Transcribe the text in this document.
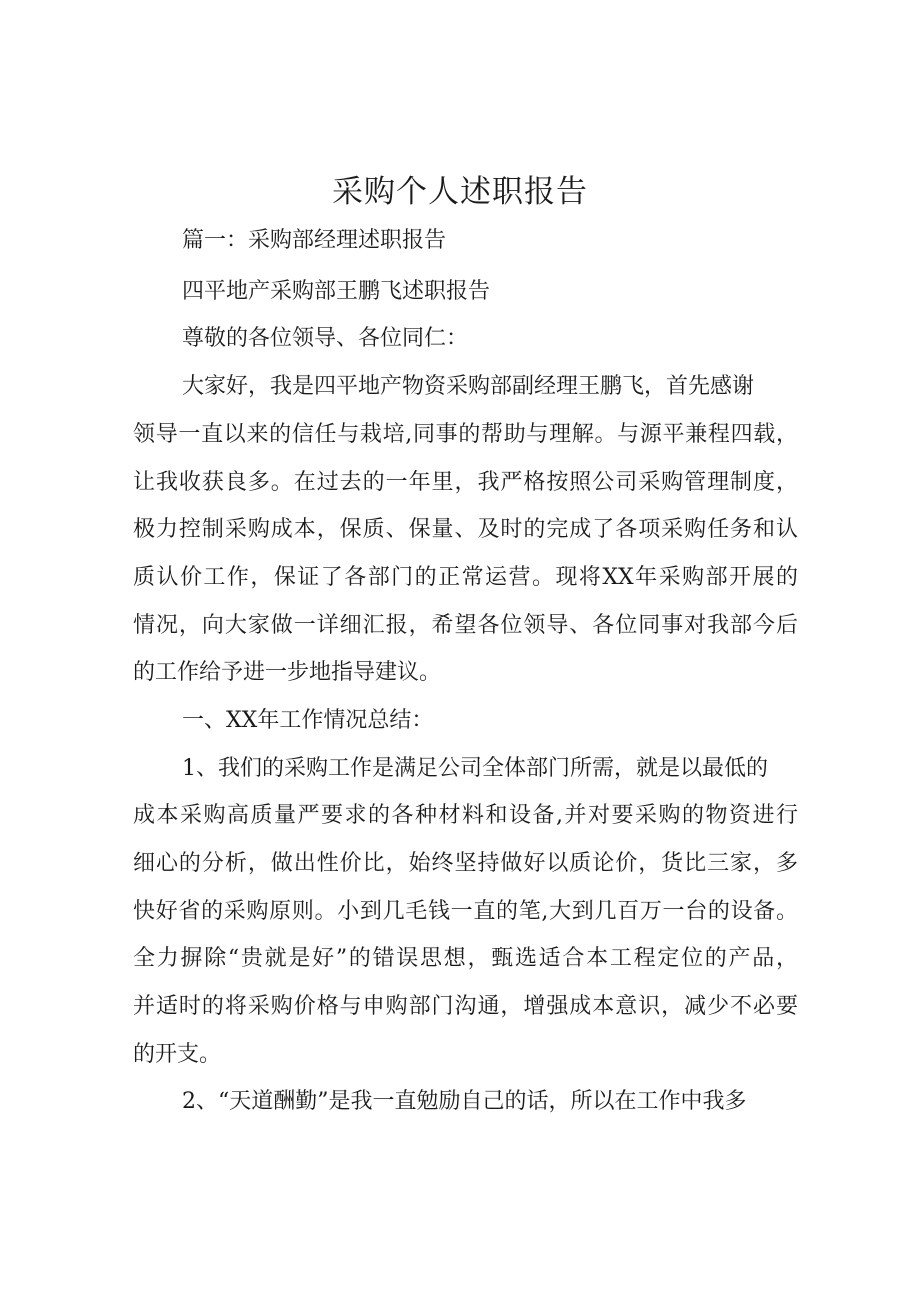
采购个人述职报告

篇一：采购部经理述职报告

四平地产采购部王鹏飞述职报告

尊敬的各位领导、各位同仁：

大家好，我是四平地产物资采购部副经理王鹏飞，首先感谢

领导一直以来的信任与栽培,同事的帮助与理解。与源平兼程四载，

让我收获良多。在过去的一年里，我严格按照公司采购管理制度，

极力控制采购成本，保质、保量、及时的完成了各项采购任务和认

质认价工作，保证了各部门的正常运营。现将XX年采购部开展的

情况，向大家做一详细汇报，希望各位领导、各位同事对我部今后

的工作给予进一步地指导建议。

一、XX年工作情况总结：

1、我们的采购工作是满足公司全体部门所需，就是以最低的

成本采购高质量严要求的各种材料和设备,并对要采购的物资进行

细心的分析，做出性价比，始终坚持做好以质论价，货比三家，多

快好省的采购原则。小到几毛钱一直的笔,大到几百万一台的设备。

全力摒除“贵就是好”的错误思想，甄选适合本工程定位的产品，

并适时的将采购价格与申购部门沟通，增强成本意识，减少不必要

的开支。

2、“天道酬勤”是我一直勉励自己的话，所以在工作中我多
